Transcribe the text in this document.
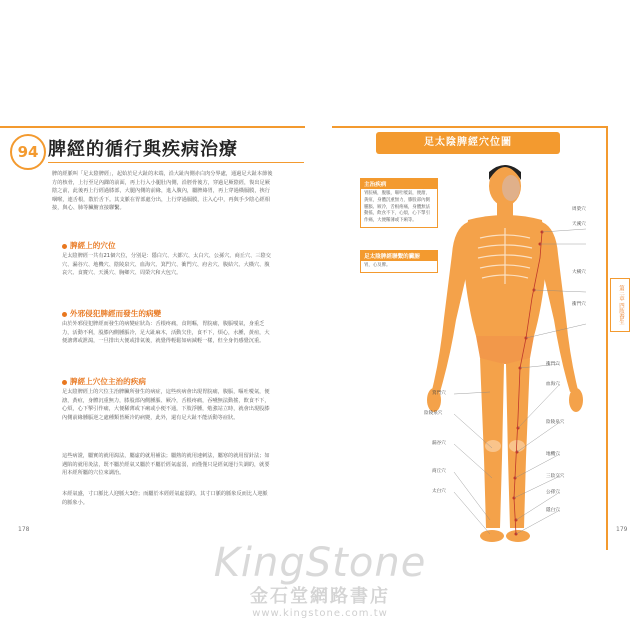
94 脾經的循行與疾病治療
脾的經脈叫「足太陰脾經」，起始於足大趾的末端，沿大趾內側赤白肉分界處，通過足大趾本節後方的核骨，上行至足內踝的前面，再上行入小腿肚內側，沿脛骨後方，穿過足厥陰經，復出足厥陰之前，此後再上行經過膝部，大腿內側的前緣，進入腹內，屬脾絡胃，再上穿過橫膈膜，挾行咽喉，連舌根，散於舌下。其支脈在胃部處分出，上行穿過膈膜，注入心中，再與手少陰心經相接，與心、肺等臟腑直接聯繫。
脾經上的穴位
足太陰脾經一共有21個穴位，分別是：隱白穴、大都穴、太白穴、公孫穴、商丘穴、三陰交穴、漏谷穴、地機穴、陰陵泉穴、血海穴、箕門穴、衝門穴、府舍穴、腹結穴、大橫穴、腹哀穴、食竇穴、天溪穴、胸鄉穴、周榮穴和大包穴。
外邪侵犯脾經而發生的病變
由於外邪侵犯脾經而發生的病變症狀為：舌根疼痛，食則嘔，胃脘痛，腹脹噯氣，身重乏力，活動不利，股膝內側腫脹冷，足大趾麻木，活動欠佳，食不下，煩心，水腫，黃疸，大便溏薄或泄瀉，一旦排出大便或排氣後，就覺得輕鬆如病減輕一樣，但全身仍感覺沉重。
脾經上穴位主治的疾病
足太陰脾經上的穴位主治脾臟所發生的病症，這些疾病會出現胃脘痛，腹脹，嘔吐噯氣，便溏，黃疸，身體沉重無力，膝股部內側腫脹、厥冷，舌根疼痛，吞嚥無法動搖，飲食不下，心煩，心下掣引作痛，大便稀薄或下痢或小便不通，下肢浮腫，勉強站立時，就會出現股膝內側前緣腫脹逆之處種類皆厥冷的病變，此外，還有足大趾不能活動等症狀。
這些病證，屬實的就用瀉法，屬虛的就用補法；屬熱的就用速刺法，屬寒的就用留針法；如遇陷的就用灸法，既不屬於經氣又屬於不屬於經氣虛弱，而僅僅只是經氣運行失調的，就要用本經所屬的穴位來調治。
本經氣盛，寸口脈比人迎脈大3倍；而屬於本經經氣虛弱的，其寸口脈的脈象反而比人迎脈的脈象小。
178
足太陰脾經穴位圖
主治疾病
胃脘痛，腹脹，嘔吐噯氣，便溏，黃疸，身體沉重無力，膝股部內側腫脹、厥冷，舌根疼痛，身體無法動搖，飲食不下，心煩，心下掣引作痛，大便稀薄或下痢等。
足太陰脾經聯繫的臟腑
胃，心及脾。
周榮穴
天溪穴
大橫穴
衝門穴
衝門穴
血海穴
陰陵泉穴
地機穴
三陰交穴
公孫穴
隱白穴
箕門穴
陰陵泉穴
漏谷穴
商丘穴
太白穴
第三章 四肢養生
179
KingStone
金石堂網路書店
www.kingstone.com.tw
